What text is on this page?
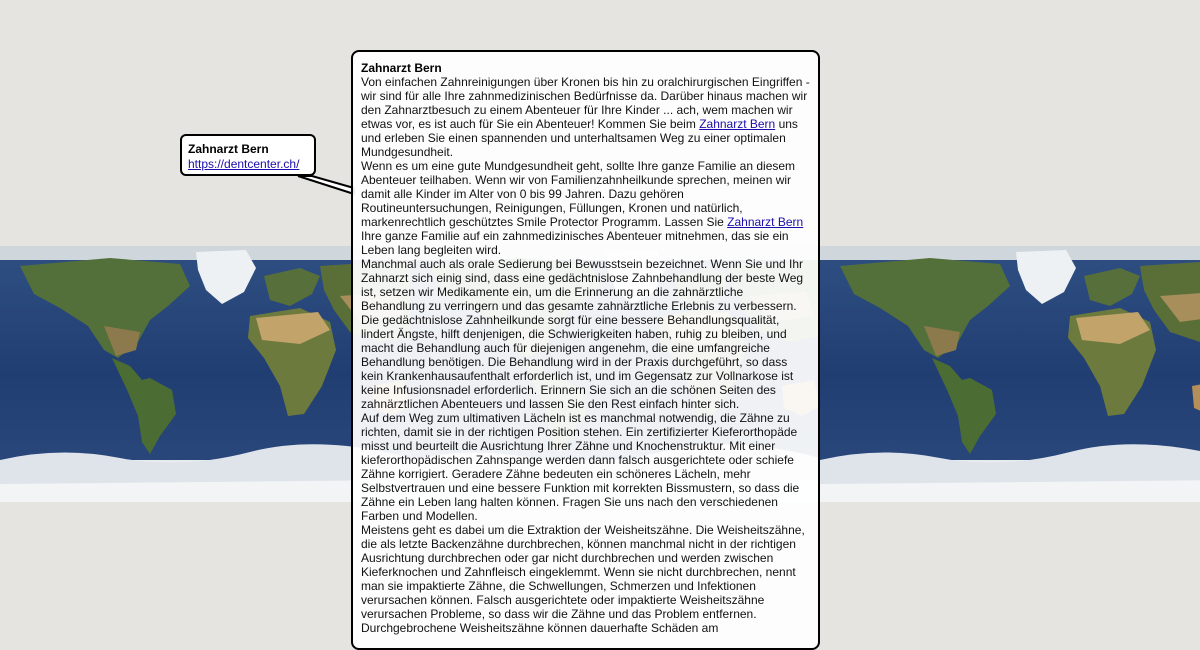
Zahnarzt Bern
https://dentcenter.ch/
Zahnarzt Bern

Von einfachen Zahnreinigungen über Kronen bis hin zu oralchirurgischen Eingriffen - wir sind für alle Ihre zahnmedizinischen Bedürfnisse da. Darüber hinaus machen wir den Zahnarztbesuch zu einem Abenteuer für Ihre Kinder ... ach, wem machen wir etwas vor, es ist auch für Sie ein Abenteuer! Kommen Sie beim Zahnarzt Bern uns und erleben Sie einen spannenden und unterhaltsamen Weg zu einer optimalen Mundgesundheit.

Wenn es um eine gute Mundgesundheit geht, sollte Ihre ganze Familie an diesem Abenteuer teilhaben. Wenn wir von Familienzahnheilkunde sprechen, meinen wir damit alle Kinder im Alter von 0 bis 99 Jahren. Dazu gehören Routineuntersuchungen, Reinigungen, Füllungen, Kronen und natürlich, markenrechtlich geschütztes Smile Protector Programm. Lassen Sie Zahnarzt Bern Ihre ganze Familie auf ein zahnmedizinisches Abenteuer mitnehmen, das sie ein Leben lang begleiten wird.

Manchmal auch als orale Sedierung bei Bewusstsein bezeichnet. Wenn Sie und Ihr Zahnarzt sich einig sind, dass eine gedächtnislose Zahnbehandlung der beste Weg ist, setzen wir Medikamente ein, um die Erinnerung an die zahnärztliche Behandlung zu verringern und das gesamte zahnärztliche Erlebnis zu verbessern. Die gedächtnislose Zahnheilkunde sorgt für eine bessere Behandlungsqualität, lindert Ängste, hilft denjenigen, die Schwierigkeiten haben, ruhig zu bleiben, und macht die Behandlung auch für diejenigen angenehm, die eine umfangreiche Behandlung benötigen. Die Behandlung wird in der Praxis durchgeführt, so dass kein Krankenhausaufenthalt erforderlich ist, und im Gegensatz zur Vollnarkose ist keine Infusionsnadel erforderlich. Erinnern Sie sich an die schönen Seiten des zahnärztlichen Abenteuers und lassen Sie den Rest einfach hinter sich.

Auf dem Weg zum ultimativen Lächeln ist es manchmal notwendig, die Zähne zu richten, damit sie in der richtigen Position stehen. Ein zertifizierter Kieferorthopäde misst und beurteilt die Ausrichtung Ihrer Zähne und Knochenstruktur. Mit einer kieferorthopädischen Zahnspange werden dann falsch ausgerichtete oder schiefe Zähne korrigiert. Geradere Zähne bedeuten ein schöneres Lächeln, mehr Selbstvertrauen und eine bessere Funktion mit korrekten Bissmustern, so dass die Zähne ein Leben lang halten können. Fragen Sie uns nach den verschiedenen Farben und Modellen.

Meistens geht es dabei um die Extraktion der Weisheitszähne. Die Weisheitszähne, die als letzte Backenzähne durchbrechen, können manchmal nicht in der richtigen Ausrichtung durchbrechen oder gar nicht durchbrechen und werden zwischen Kieferknochen und Zahnfleisch eingeklemmt. Wenn sie nicht durchbrechen, nennt man sie impaktierte Zähne, die Schwellungen, Schmerzen und Infektionen verursachen können. Falsch ausgerichtete oder impaktierte Weisheitszähne verursachen Probleme, so dass wir die Zähne und das Problem entfernen. Durchgebrochene Weisheitszähne können dauerhafte Schäden am
